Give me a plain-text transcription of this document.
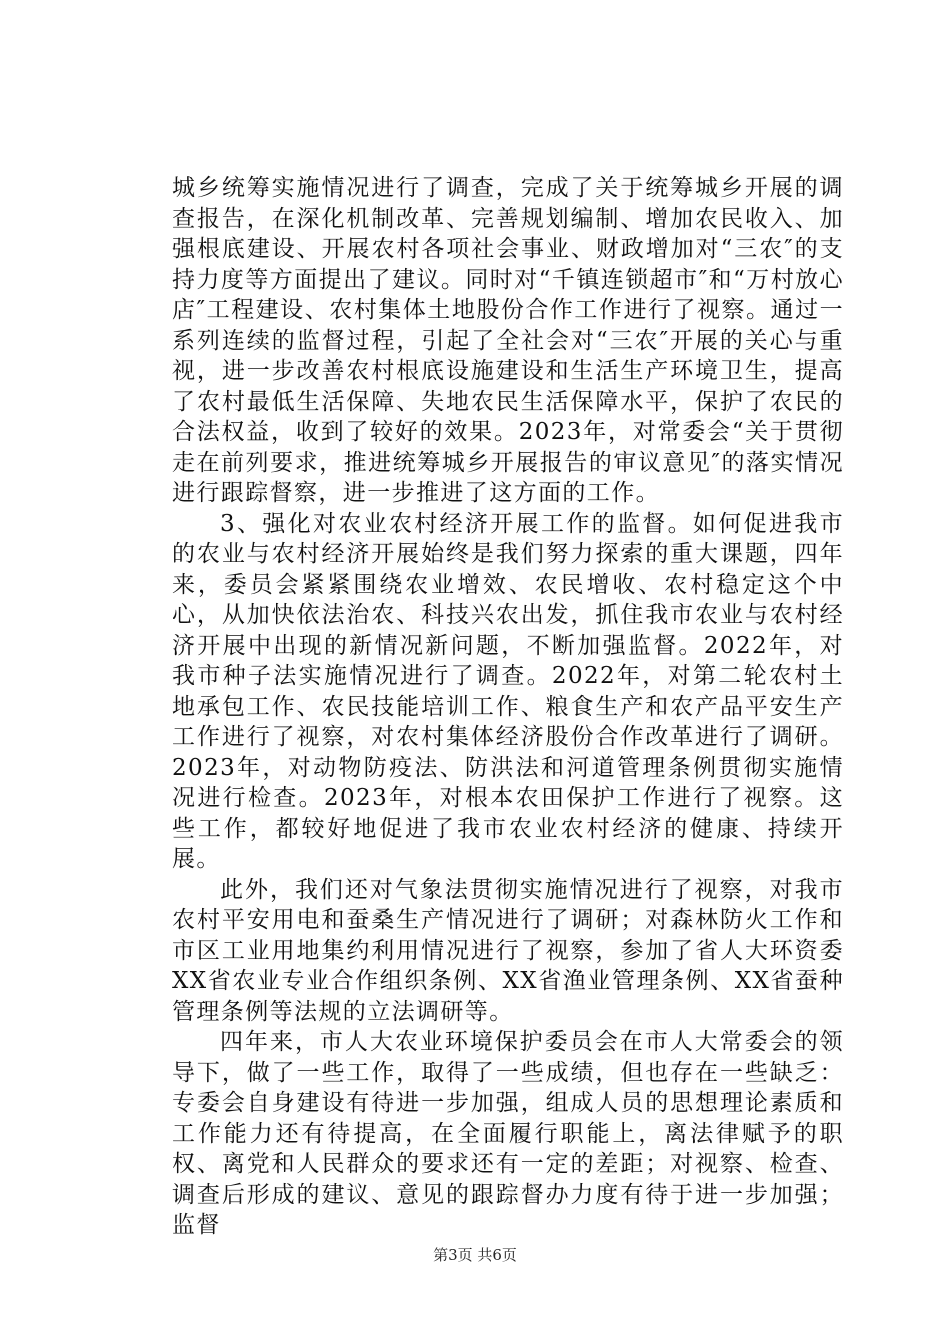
城乡统筹实施情况进行了调查，完成了关于统筹城乡开展的调查报告，在深化机制改革、完善规划编制、增加农民收入、加强根底建设、开展农村各项社会事业、财政增加对“三农″的支持力度等方面提出了建议。同时对“千镇连锁超市″和“万村放心店″工程建设、农村集体土地股份合作工作进行了视察。通过一系列连续的监督过程，引起了全社会对“三农″开展的关心与重视，进一步改善农村根底设施建设和生活生产环境卫生，提高了农村最低生活保障、失地农民生活保障水平，保护了农民的合法权益，收到了较好的效果。2023年，对常委会“关于贯彻走在前列要求，推进统筹城乡开展报告的审议意见″的落实情况进行跟踪督察，进一步推进了这方面的工作。

3、强化对农业农村经济开展工作的监督。如何促进我市的农业与农村经济开展始终是我们努力探索的重大课题，四年来，委员会紧紧围绕农业增效、农民增收、农村稳定这个中心，从加快依法治农、科技兴农出发，抓住我市农业与农村经济开展中出现的新情况新问题，不断加强监督。2022年，对我市种子法实施情况进行了调查。2022年，对第二轮农村土地承包工作、农民技能培训工作、粮食生产和农产品平安生产工作进行了视察，对农村集体经济股份合作改革进行了调研。2023年，对动物防疫法、防洪法和河道管理条例贯彻实施情况进行检查。2023年，对根本农田保护工作进行了视察。这些工作，都较好地促进了我市农业农村经济的健康、持续开展。

此外，我们还对气象法贯彻实施情况进行了视察，对我市农村平安用电和蚕桑生产情况进行了调研；对森林防火工作和市区工业用地集约利用情况进行了视察，参加了省人大环资委XX省农业专业合作组织条例、XX省渔业管理条例、XX省蚕种管理条例等法规的立法调研等。

四年来，市人大农业环境保护委员会在市人大常委会的领导下，做了一些工作，取得了一些成绩，但也存在一些缺乏：专委会自身建设有待进一步加强，组成人员的思想理论素质和工作能力还有待提高，在全面履行职能上，离法律赋予的职权、离党和人民群众的要求还有一定的差距；对视察、检查、调查后形成的建议、意见的跟踪督办力度有待于进一步加强；监督

第3页 共6页
